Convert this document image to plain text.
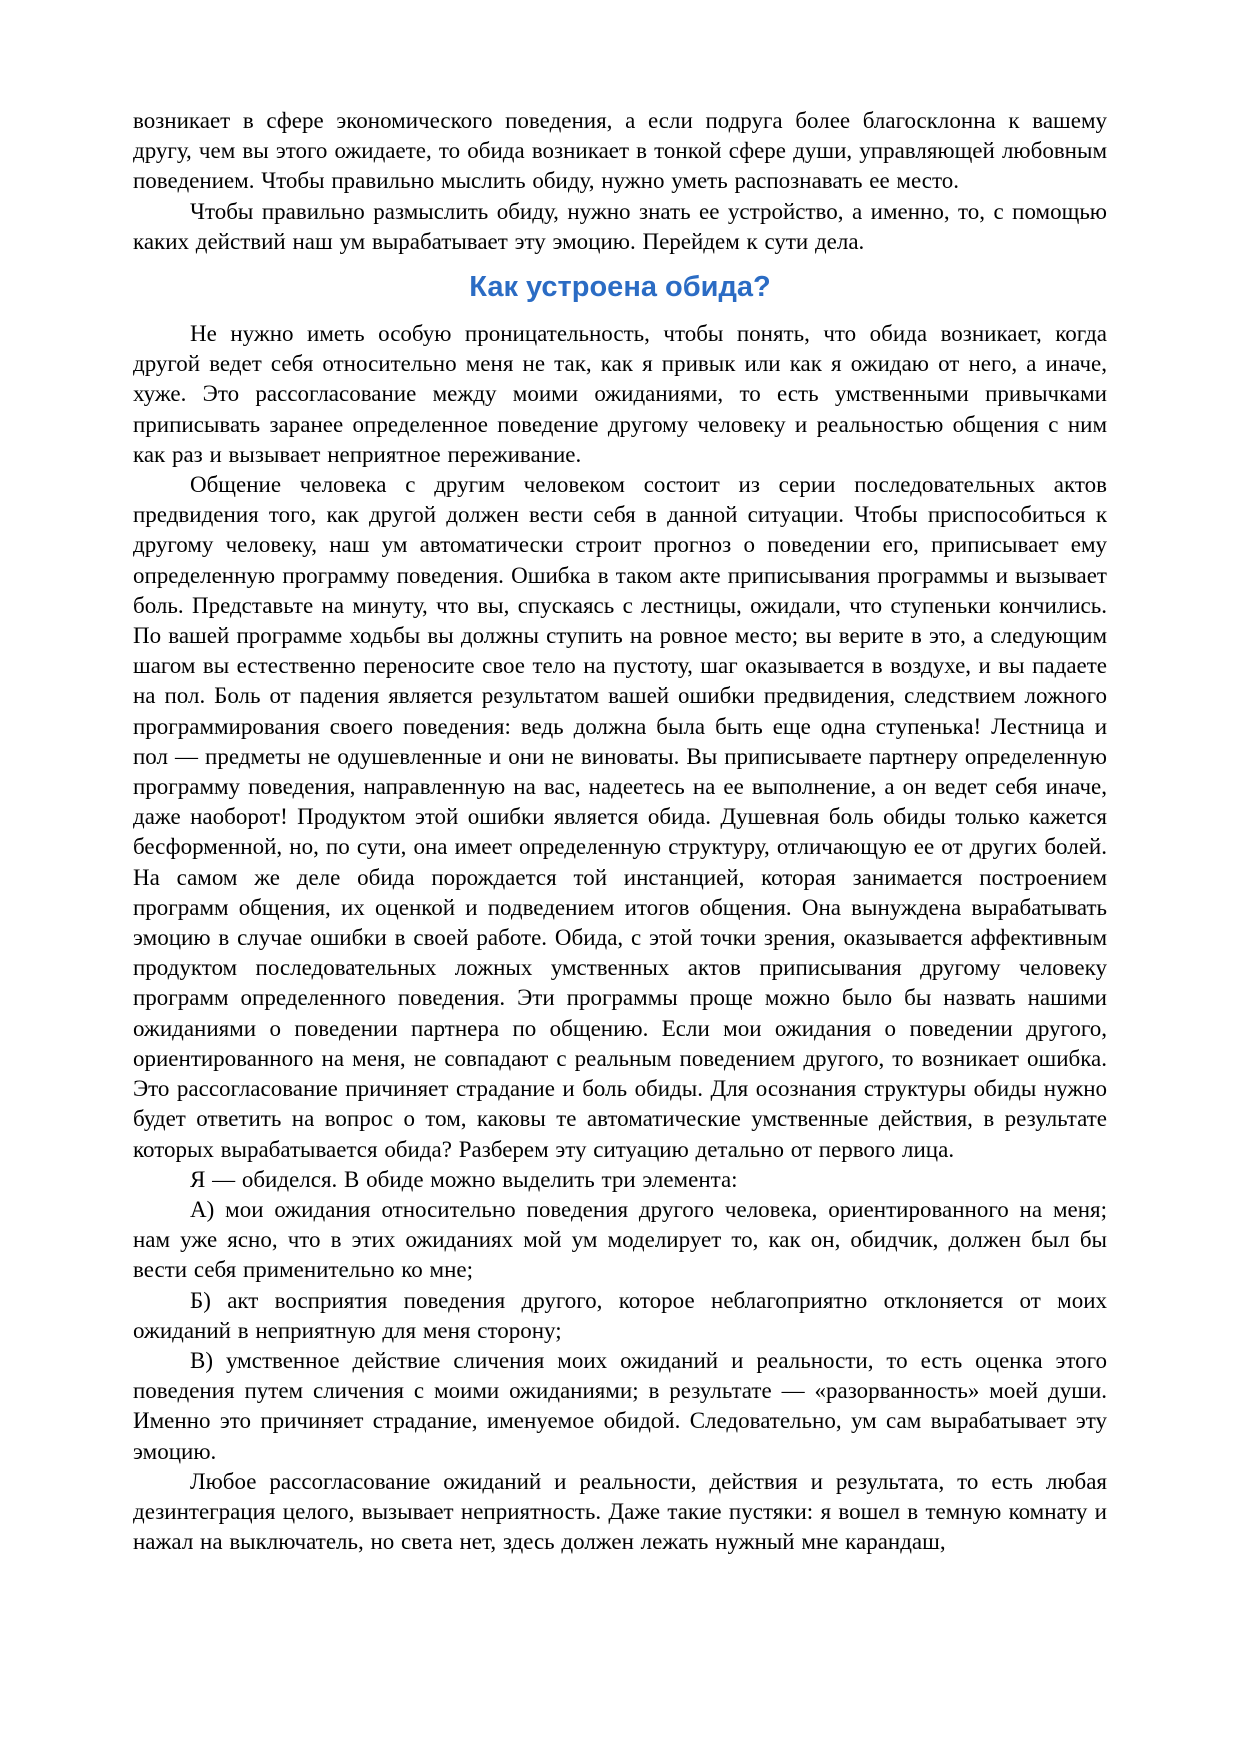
возникает в сфере экономического поведения, а если подруга более благосклонна к вашему другу, чем вы этого ожидаете, то обида возникает в тонкой сфере души, управляющей любовным поведением. Чтобы правильно мыслить обиду, нужно уметь распознавать ее место.

Чтобы правильно размыслить обиду, нужно знать ее устройство, а именно, то, с помощью каких действий наш ум вырабатывает эту эмоцию. Перейдем к сути дела.

Как устроена обида?

Не нужно иметь особую проницательность, чтобы понять, что обида возникает, когда другой ведет себя относительно меня не так, как я привык или как я ожидаю от него, а иначе, хуже. Это рассогласование между моими ожиданиями, то есть умственными привычками приписывать заранее определенное поведение другому человеку и реальностью общения с ним как раз и вызывает неприятное переживание.

Общение человека с другим человеком состоит из серии последовательных актов предвидения того, как другой должен вести себя в данной ситуации. Чтобы приспособиться к другому человеку, наш ум автоматически строит прогноз о поведении его, приписывает ему определенную программу поведения. Ошибка в таком акте приписывания программы и вызывает боль. Представьте на минуту, что вы, спускаясь с лестницы, ожидали, что ступеньки кончились. По вашей программе ходьбы вы должны ступить на ровное место; вы верите в это, а следующим шагом вы естественно переносите свое тело на пустоту, шаг оказывается в воздухе, и вы падаете на пол. Боль от падения является результатом вашей ошибки предвидения, следствием ложного программирования своего поведения: ведь должна была быть еще одна ступенька! Лестница и пол — предметы не одушевленные и они не виноваты. Вы приписываете партнеру определенную программу поведения, направленную на вас, надеетесь на ее выполнение, а он ведет себя иначе, даже наоборот! Продуктом этой ошибки является обида. Душевная боль обиды только кажется бесформенной, но, по сути, она имеет определенную структуру, отличающую ее от других болей. На самом же деле обида порождается той инстанцией, которая занимается построением программ общения, их оценкой и подведением итогов общения. Она вынуждена вырабатывать эмоцию в случае ошибки в своей работе. Обида, с этой точки зрения, оказывается аффективным продуктом последовательных ложных умственных актов приписывания другому человеку программ определенного поведения. Эти программы проще можно было бы назвать нашими ожиданиями о поведении партнера по общению. Если мои ожидания о поведении другого, ориентированного на меня, не совпадают с реальным поведением другого, то возникает ошибка. Это рассогласование причиняет страдание и боль обиды. Для осознания структуры обиды нужно будет ответить на вопрос о том, каковы те автоматические умственные действия, в результате которых вырабатывается обида? Разберем эту ситуацию детально от первого лица.

Я — обиделся. В обиде можно выделить три элемента:

А) мои ожидания относительно поведения другого человека, ориентированного на меня; нам уже ясно, что в этих ожиданиях мой ум моделирует то, как он, обидчик, должен был бы вести себя применительно ко мне;

Б) акт восприятия поведения другого, которое неблагоприятно отклоняется от моих ожиданий в неприятную для меня сторону;

В) умственное действие сличения моих ожиданий и реальности, то есть оценка этого поведения путем сличения с моими ожиданиями; в результате — «разорванность» моей души. Именно это причиняет страдание, именуемое обидой. Следовательно, ум сам вырабатывает эту эмоцию.

Любое рассогласование ожиданий и реальности, действия и результата, то есть любая дезинтеграция целого, вызывает неприятность. Даже такие пустяки: я вошел в темную комнату и нажал на выключатель, но света нет, здесь должен лежать нужный мне карандаш,
